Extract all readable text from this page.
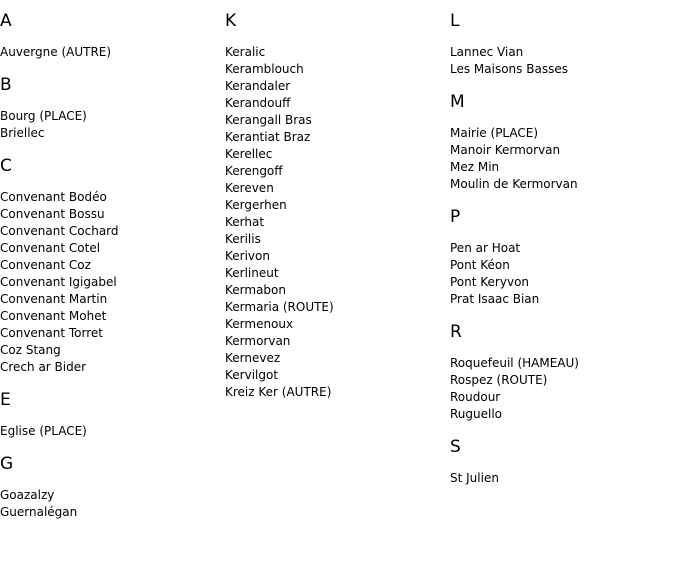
A
Auvergne (AUTRE)
B
Bourg (PLACE)
Briellec
C
Convenant Bodéo
Convenant Bossu
Convenant Cochard
Convenant Cotel
Convenant Coz
Convenant Igigabel
Convenant Martin
Convenant Mohet
Convenant Torret
Coz Stang
Crech ar Bider
E
Eglise (PLACE)
G
Goazalzy
Guernalégan
K
Keralic
Keramblouch
Kerandaler
Kerandouff
Kerangall Bras
Kerantiat Braz
Kerellec
Kerengoff
Kereven
Kergerhen
Kerhat
Kerilis
Kerivon
Kerlineut
Kermabon
Kermaria (ROUTE)
Kermenoux
Kermorvan
Kernevez
Kervilgot
Kreiz Ker (AUTRE)
L
Lannec Vian
Les Maisons Basses
M
Mairie (PLACE)
Manoir Kermorvan
Mez Min
Moulin de Kermorvan
P
Pen ar Hoat
Pont Kéon
Pont Keryvon
Prat Isaac Bian
R
Roquefeuil (HAMEAU)
Rospez (ROUTE)
Roudour
Ruguello
S
St Julien
